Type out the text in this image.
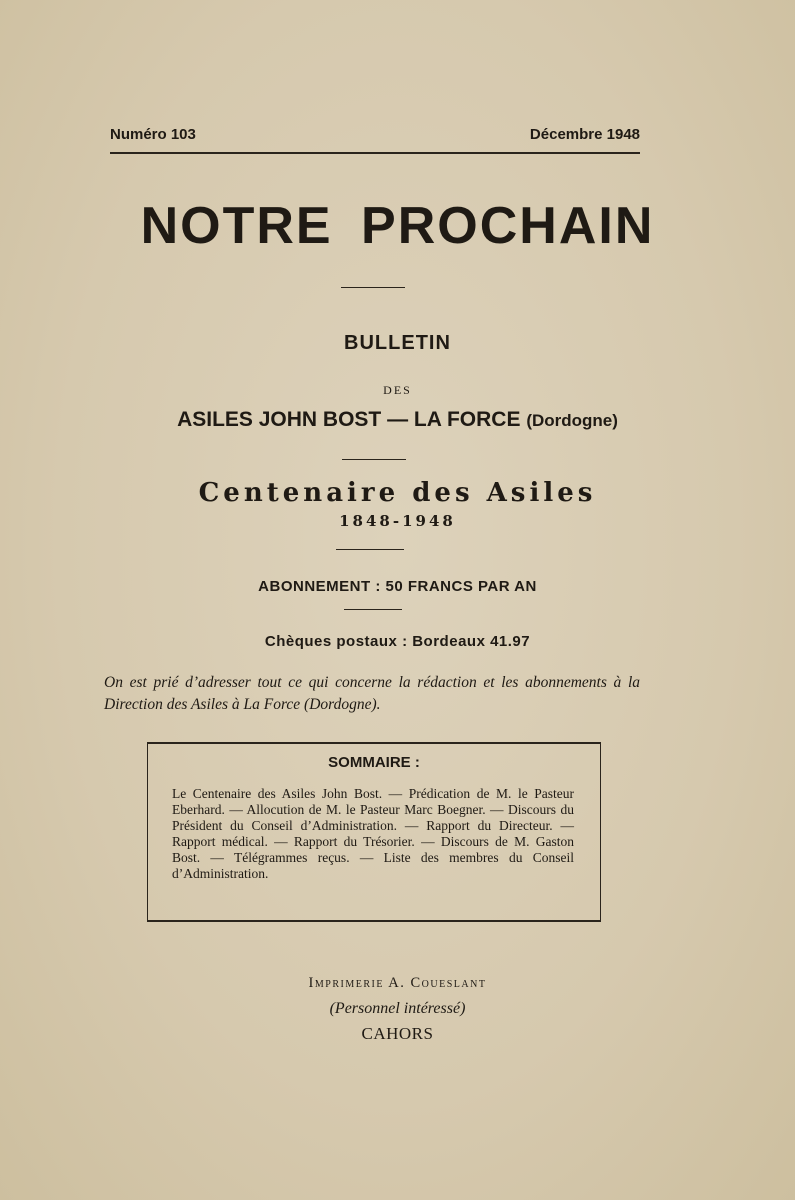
Numéro 103	Décembre 1948
NOTRE PROCHAIN
BULLETIN
DES
ASILES JOHN BOST — LA FORCE (Dordogne)
Centenaire des Asiles
1848-1948
ABONNEMENT : 50 FRANCS PAR AN
Chèques postaux : Bordeaux 41.97
On est prié d’adresser tout ce qui concerne la rédaction et les abonnements à la Direction des Asiles à La Force (Dordogne).
SOMMAIRE :
Le Centenaire des Asiles John Bost. — Prédication de M. le Pasteur Eberhard. — Allocution de M. le Pasteur Marc Boegner. — Discours du Président du Conseil d’Administration. — Rapport du Directeur. — Rapport médical. — Rapport du Trésorier. — Discours de M. Gaston Bost. — Télégrammes reçus. — Liste des membres du Conseil d’Administration.
Imprimerie A. Coueslant
(Personnel intéressé)
CAHORS
